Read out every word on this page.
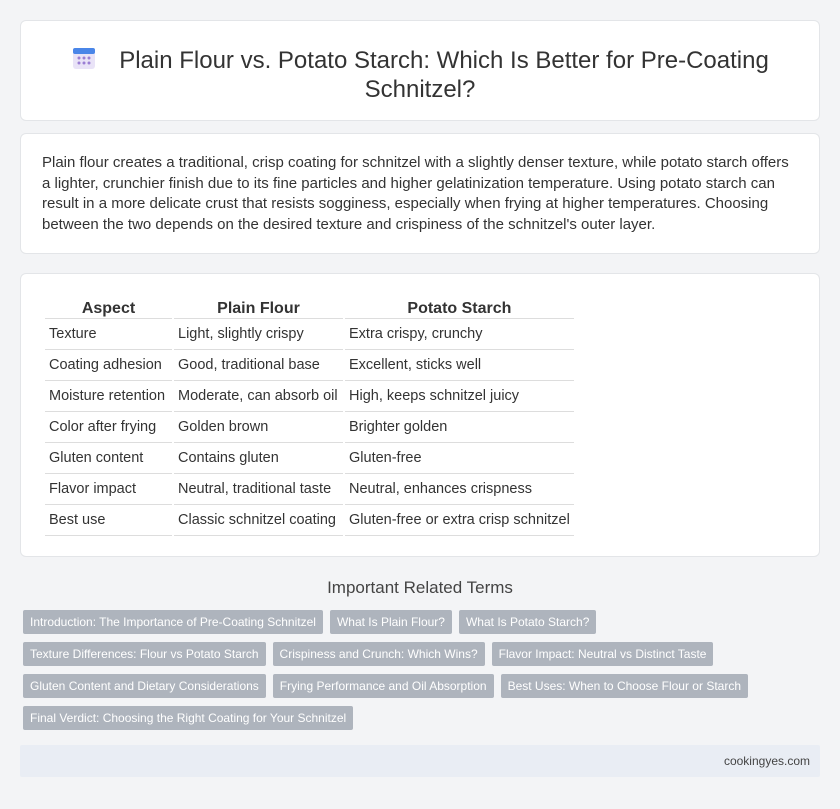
Plain Flour vs. Potato Starch: Which Is Better for Pre-Coating Schnitzel?

Plain flour creates a traditional, crisp coating for schnitzel with a slightly denser texture, while potato starch offers a lighter, crunchier finish due to its fine particles and higher gelatinization temperature. Using potato starch can result in a more delicate crust that resists sogginess, especially when frying at higher temperatures. Choosing between the two depends on the desired texture and crispiness of the schnitzel's outer layer.

Aspect	Plain Flour	Potato Starch
Texture	Light, slightly crispy	Extra crispy, crunchy
Coating adhesion	Good, traditional base	Excellent, sticks well
Moisture retention	Moderate, can absorb oil	High, keeps schnitzel juicy
Color after frying	Golden brown	Brighter golden
Gluten content	Contains gluten	Gluten-free
Flavor impact	Neutral, traditional taste	Neutral, enhances crispness
Best use	Classic schnitzel coating	Gluten-free or extra crisp schnitzel
Important Related Terms
Introduction: The Importance of Pre-Coating Schnitzel	What Is Plain Flour?	What Is Potato Starch?
Texture Differences: Flour vs Potato Starch	Crispiness and Crunch: Which Wins?	Flavor Impact: Neutral vs Distinct Taste
Gluten Content and Dietary Considerations	Frying Performance and Oil Absorption	Best Uses: When to Choose Flour or Starch
Final Verdict: Choosing the Right Coating for Your Schnitzel
cookingyes.com
